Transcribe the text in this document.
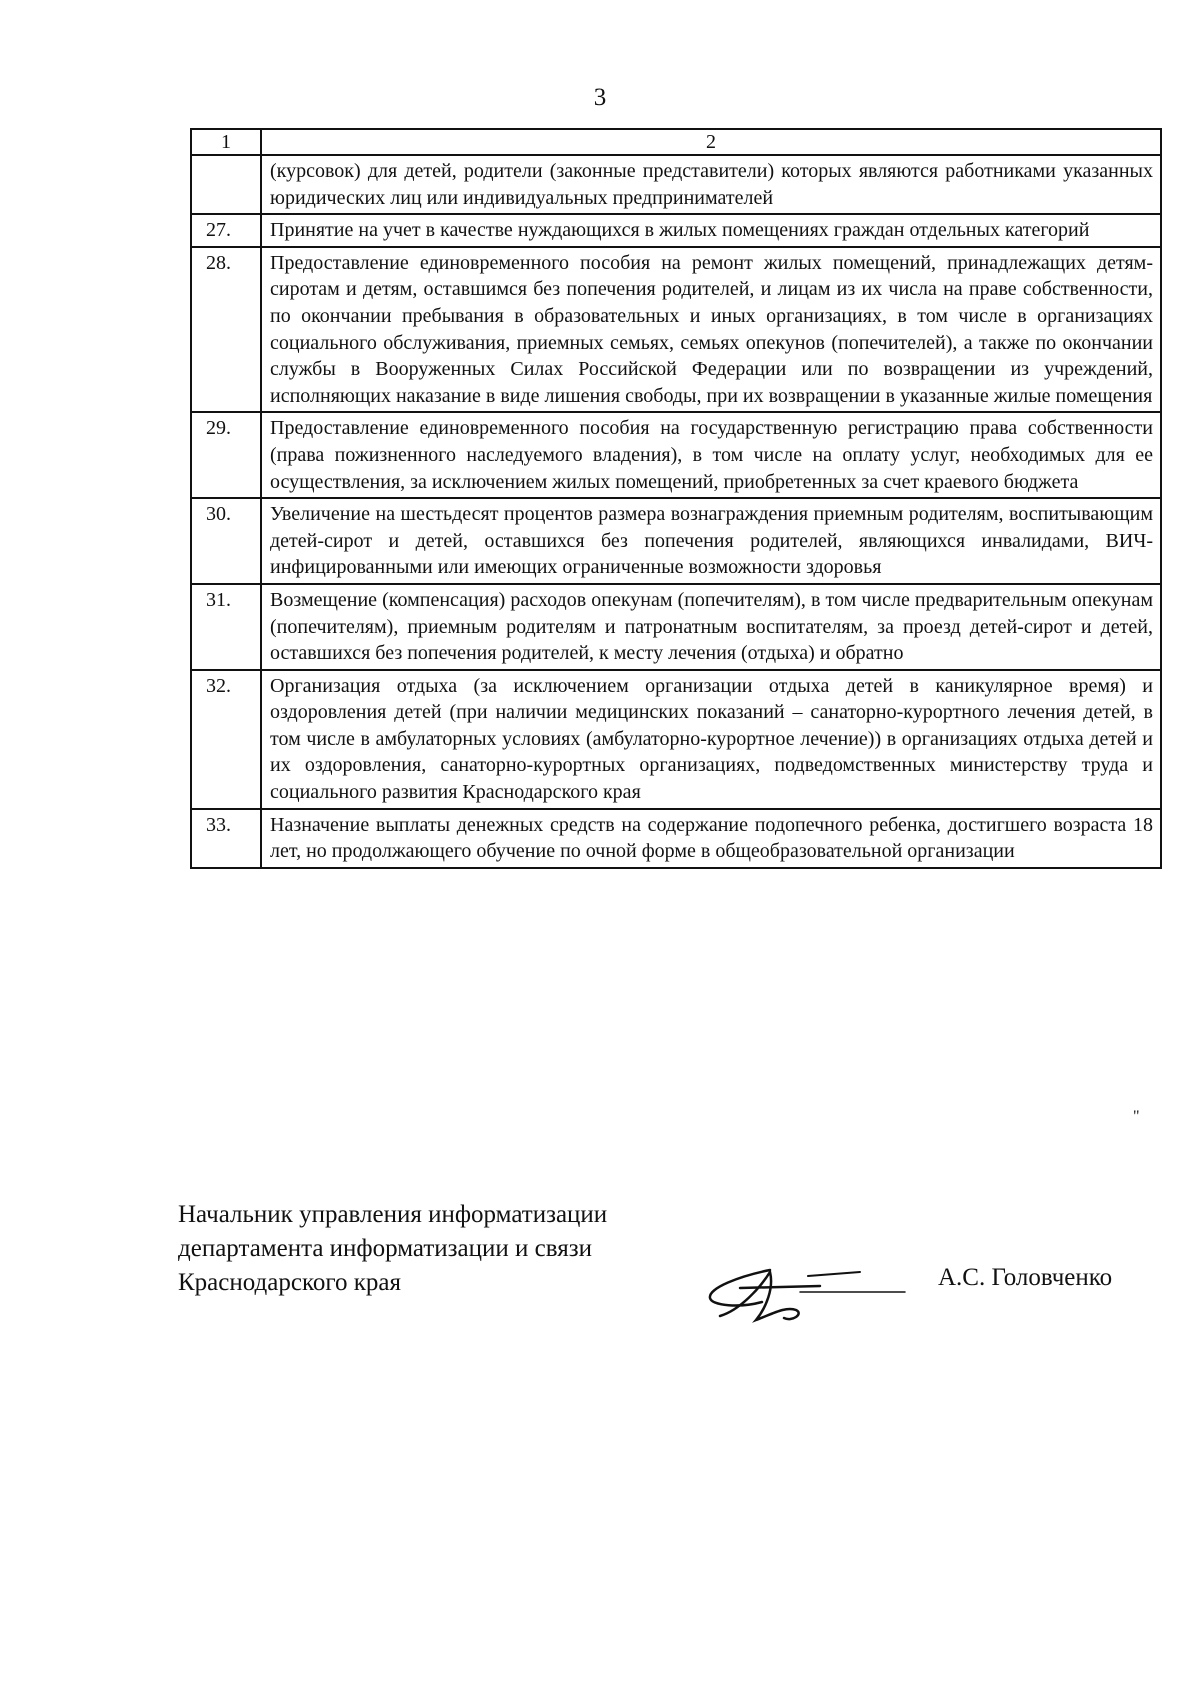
3
1	2
	(курсовок) для детей, родители (законные представители) которых являются работниками указанных юридических лиц или индивидуальных предпринимателей
27.	Принятие на учет в качестве нуждающихся в жилых помещениях граждан отдельных категорий
28.	Предоставление единовременного пособия на ремонт жилых помещений, принадлежащих детям-сиротам и детям, оставшимся без попечения родителей, и лицам из их числа на праве собственности, по окончании пребывания в образовательных и иных организациях, в том числе в организациях социального обслуживания, приемных семьях, семьях опекунов (попечителей), а также по окончании службы в Вооруженных Силах Российской Федерации или по возвращении из учреждений, исполняющих наказание в виде лишения свободы, при их возвращении в указанные жилые помещения
29.	Предоставление единовременного пособия на государственную регистрацию права собственности (права пожизненного наследуемого владения), в том числе на оплату услуг, необходимых для ее осуществления, за исключением жилых помещений, приобретенных за счет краевого бюджета
30.	Увеличение на шестьдесят процентов размера вознаграждения приемным родителям, воспитывающим детей-сирот и детей, оставшихся без попечения родителей, являющихся инвалидами, ВИЧ-инфицированными или имеющих ограниченные возможности здоровья
31.	Возмещение (компенсация) расходов опекунам (попечителям), в том числе предварительным опекунам (попечителям), приемным родителям и патронатным воспитателям, за проезд детей-сирот и детей, оставшихся без попечения родителей, к месту лечения (отдыха) и обратно
32.	Организация отдыха (за исключением организации отдыха детей в каникулярное время) и оздоровления детей (при наличии медицинских показаний – санаторно-курортного лечения детей, в том числе в амбулаторных условиях (амбулаторно-курортное лечение)) в организациях отдыха детей и их оздоровления, санаторно-курортных организациях, подведомственных министерству труда и социального развития Краснодарского края
33.	Назначение выплаты денежных средств на содержание подопечного ребенка, достигшего возраста 18 лет, но продолжающего обучение по очной форме в общеобразовательной организации
"
Начальник управления информатизации
департамента информатизации и связи
Краснодарского края	А.С. Головченко
